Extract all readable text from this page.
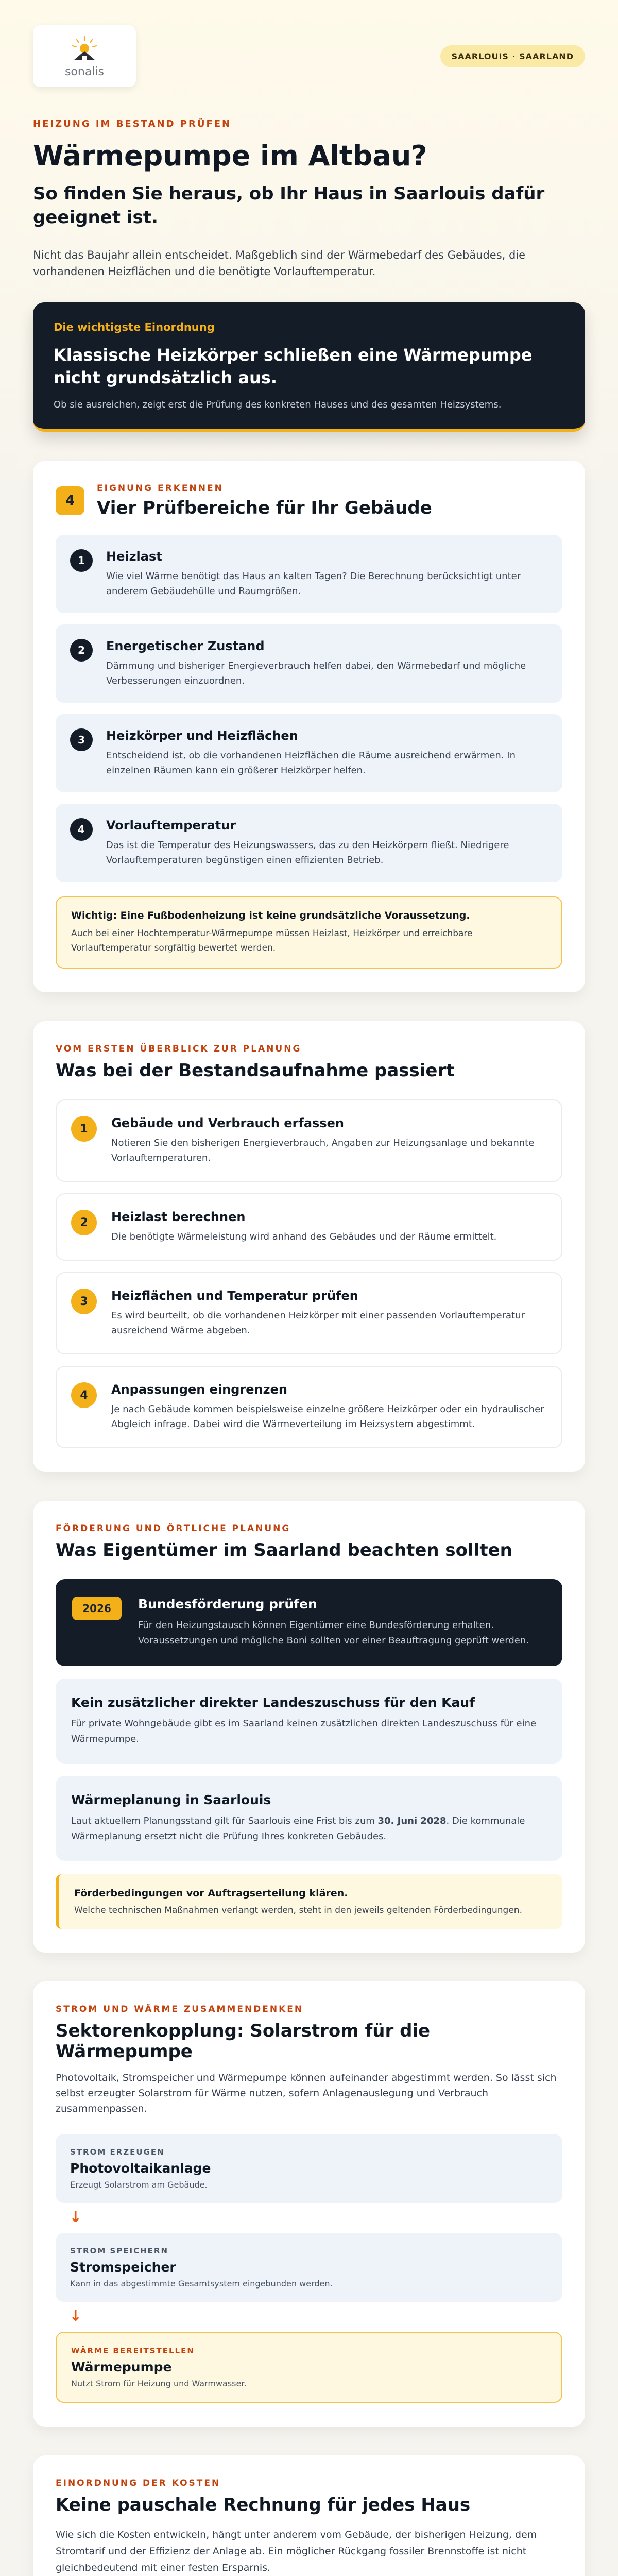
sonalis
SAARLOUIS · SAARLAND
HEIZUNG IM BESTAND PRÜFEN
Wärmepumpe im Altbau?
So finden Sie heraus, ob Ihr Haus in Saarlouis dafür geeignet ist.

Nicht das Baujahr allein entscheidet. Maßgeblich sind der Wärmebedarf des Gebäudes, die vorhandenen Heizflächen und die benötigte Vorlauftemperatur.

Die wichtigste Einordnung
Klassische Heizkörper schließen eine Wärmepumpe nicht grundsätzlich aus.
Ob sie ausreichen, zeigt erst die Prüfung des konkreten Hauses und des gesamten Heizsystems.
4
EIGNUNG ERKENNEN
Vier Prüfbereiche für Ihr Gebäude
1	Heizlast
Wie viel Wärme benötigt das Haus an kalten Tagen? Die Berechnung berücksichtigt unter anderem Gebäudehülle und Raumgrößen.
2	Energetischer Zustand
Dämmung und bisheriger Energieverbrauch helfen dabei, den Wärmebedarf und mögliche Verbesserungen einzuordnen.
3	Heizkörper und Heizflächen
Entscheidend ist, ob die vorhandenen Heizflächen die Räume ausreichend erwärmen. In einzelnen Räumen kann ein größerer Heizkörper helfen.
4	Vorlauftemperatur
Das ist die Temperatur des Heizungswassers, das zu den Heizkörpern fließt. Niedrigere Vorlauftemperaturen begünstigen einen effizienten Betrieb.
Wichtig: Eine Fußbodenheizung ist keine grundsätzliche Voraussetzung.
Auch bei einer Hochtemperatur-Wärmepumpe müssen Heizlast, Heizkörper und erreichbare Vorlauftemperatur sorgfältig bewertet werden.
VOM ERSTEN ÜBERBLICK ZUR PLANUNG
Was bei der Bestandsaufnahme passiert
1	Gebäude und Verbrauch erfassen
Notieren Sie den bisherigen Energieverbrauch, Angaben zur Heizungsanlage und bekannte Vorlauftemperaturen.
2	Heizlast berechnen
Die benötigte Wärmeleistung wird anhand des Gebäudes und der Räume ermittelt.
3	Heizflächen und Temperatur prüfen
Es wird beurteilt, ob die vorhandenen Heizkörper mit einer passenden Vorlauftemperatur ausreichend Wärme abgeben.
4	Anpassungen eingrenzen
Je nach Gebäude kommen beispielsweise einzelne größere Heizkörper oder ein hydraulischer Abgleich infrage. Dabei wird die Wärmeverteilung im Heizsystem abgestimmt.
FÖRDERUNG UND ÖRTLICHE PLANUNG
Was Eigentümer im Saarland beachten sollten
2026	Bundesförderung prüfen
Für den Heizungstausch können Eigentümer eine Bundesförderung erhalten. Voraussetzungen und mögliche Boni sollten vor einer Beauftragung geprüft werden.
Kein zusätzlicher direkter Landeszuschuss für den Kauf
Für private Wohngebäude gibt es im Saarland keinen zusätzlichen direkten Landeszuschuss für eine Wärmepumpe.
Wärmeplanung in Saarlouis
Laut aktuellem Planungsstand gilt für Saarlouis eine Frist bis zum 30. Juni 2028. Die kommunale Wärmeplanung ersetzt nicht die Prüfung Ihres konkreten Gebäudes.
Förderbedingungen vor Auftragserteilung klären.
Welche technischen Maßnahmen verlangt werden, steht in den jeweils geltenden Förderbedingungen.
STROM UND WÄRME ZUSAMMENDENKEN
Sektorenkopplung: Solarstrom für die Wärmepumpe
Photovoltaik, Stromspeicher und Wärmepumpe können aufeinander abgestimmt werden. So lässt sich selbst erzeugter Solarstrom für Wärme nutzen, sofern Anlagenauslegung und Verbrauch zusammenpassen.
STROM ERZEUGEN
Photovoltaikanlage
Erzeugt Solarstrom am Gebäude.
↓
STROM SPEICHERN
Stromspeicher
Kann in das abgestimmte Gesamtsystem eingebunden werden.
↓
WÄRME BEREITSTELLEN
Wärmepumpe
Nutzt Strom für Heizung und Warmwasser.
EINORDNUNG DER KOSTEN
Keine pauschale Rechnung für jedes Haus
Wie sich die Kosten entwickeln, hängt unter anderem vom Gebäude, der bisherigen Heizung, dem Stromtarif und der Effizienz der Anlage ab. Ein möglicher Rückgang fossiler Brennstoffe ist nicht gleichbedeutend mit einer festen Ersparnis.
